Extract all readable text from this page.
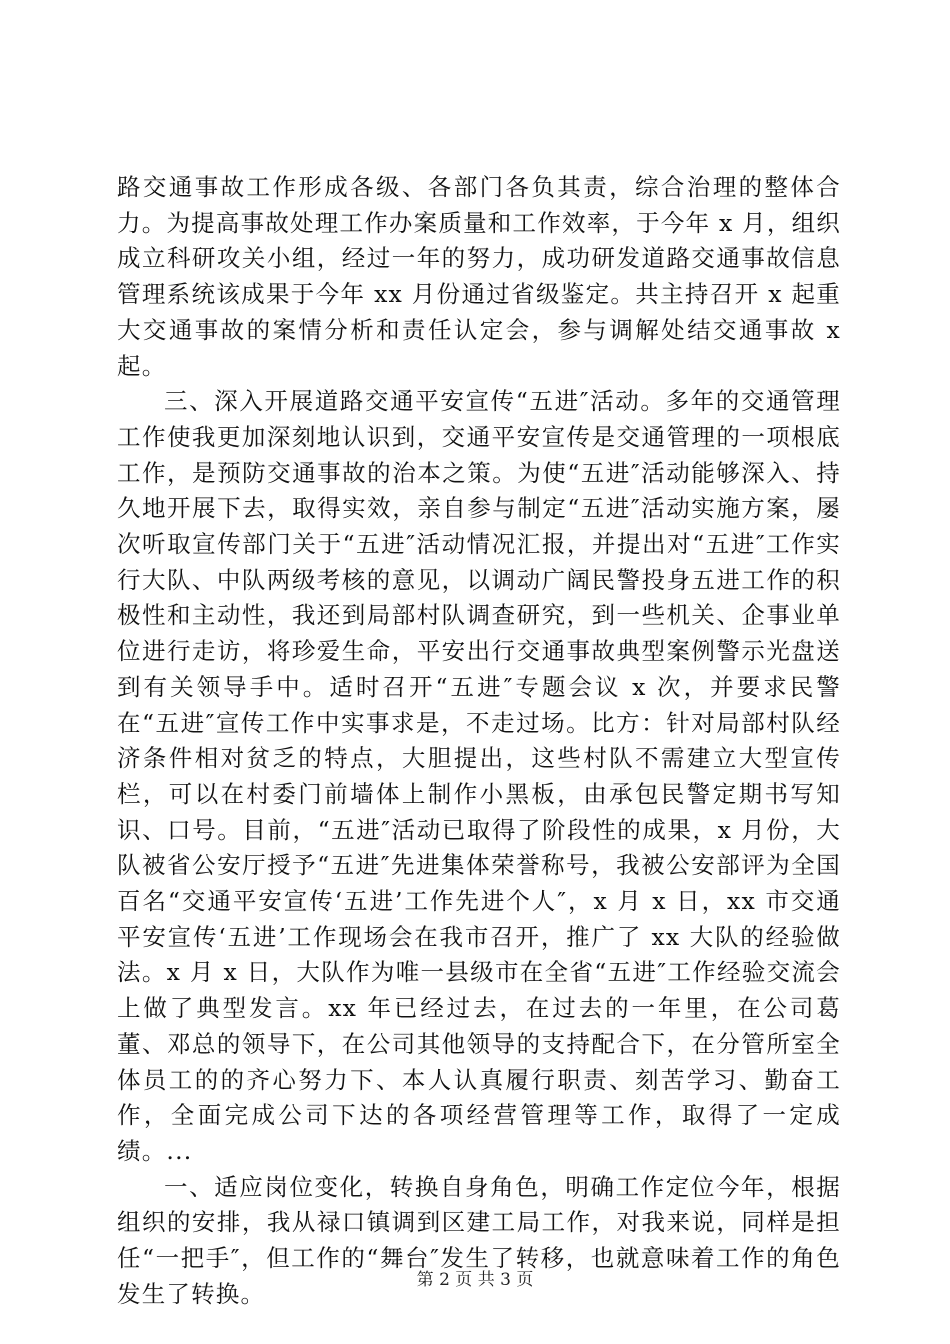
路交通事故工作形成各级、各部门各负其责，综合治理的整体合力。为提高事故处理工作办案质量和工作效率，于今年 x 月，组织成立科研攻关小组，经过一年的努力，成功研发道路交通事故信息管理系统该成果于今年 xx 月份通过省级鉴定。共主持召开 x 起重大交通事故的案情分析和责任认定会，参与调解处结交通事故 x 起。

三、深入开展道路交通平安宣传“五进″活动。多年的交通管理工作使我更加深刻地认识到，交通平安宣传是交通管理的一项根底工作，是预防交通事故的治本之策。为使“五进″活动能够深入、持久地开展下去，取得实效，亲自参与制定“五进″活动实施方案，屡次听取宣传部门关于“五进″活动情况汇报，并提出对“五进″工作实行大队、中队两级考核的意见，以调动广阔民警投身五进工作的积极性和主动性，我还到局部村队调查研究，到一些机关、企事业单位进行走访，将珍爱生命，平安出行交通事故典型案例警示光盘送到有关领导手中。适时召开“五进″专题会议 x 次，并要求民警在“五进″宣传工作中实事求是，不走过场。比方：针对局部村队经济条件相对贫乏的特点，大胆提出，这些村队不需建立大型宣传栏，可以在村委门前墙体上制作小黑板，由承包民警定期书写知识、口号。目前，“五进″活动已取得了阶段性的成果，x 月份，大队被省公安厅授予“五进″先进集体荣誉称号，我被公安部评为全国百名“交通平安宣传‘五进’工作先进个人″，x 月 x 日，xx 市交通平安宣传‘五进’工作现场会在我市召开，推广了 xx 大队的经验做法。x 月 x 日，大队作为唯一县级市在全省“五进″工作经验交流会上做了典型发言。xx 年已经过去，在过去的一年里，在公司葛董、邓总的领导下，在公司其他领导的支持配合下，在分管所室全体员工的的齐心努力下、本人认真履行职责、刻苦学习、勤奋工作，全面完成公司下达的各项经营管理等工作，取得了一定成绩。...

一、适应岗位变化，转换自身角色，明确工作定位今年，根据组织的安排，我从禄口镇调到区建工局工作，对我来说，同样是担任“一把手″，但工作的“舞台″发生了转移，也就意味着工作的角色发生了转换。	第 2 页 共 3 页
